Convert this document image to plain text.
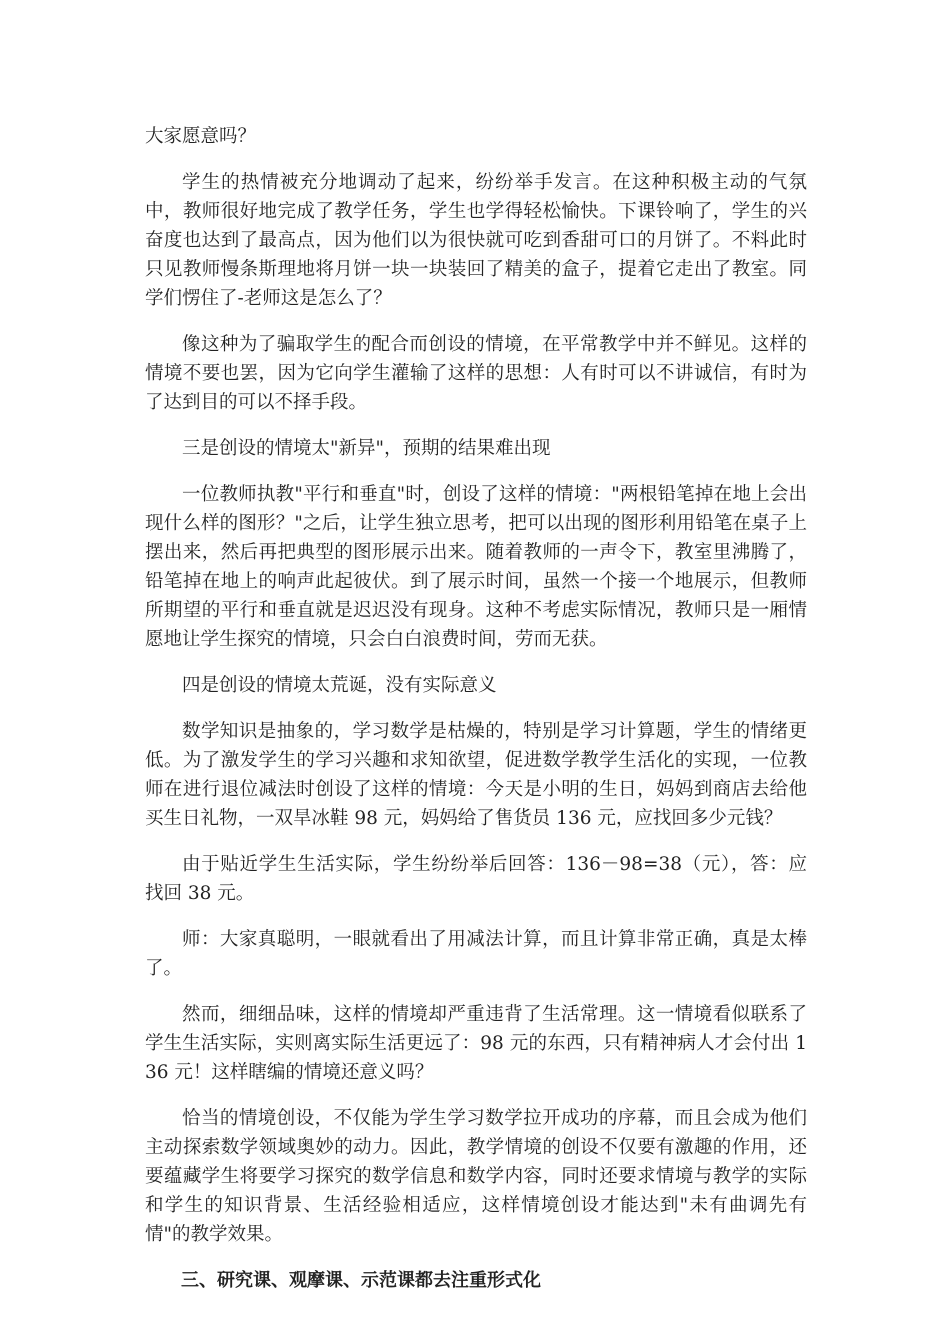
大家愿意吗？

学生的热情被充分地调动了起来，纷纷举手发言。在这种积极主动的气氛中，教师很好地完成了教学任务，学生也学得轻松愉快。下课铃响了，学生的兴奋度也达到了最高点，因为他们以为很快就可吃到香甜可口的月饼了。不料此时只见教师慢条斯理地将月饼一块一块装回了精美的盒子，提着它走出了教室。同学们愣住了-老师这是怎么了？

像这种为了骗取学生的配合而创设的情境，在平常教学中并不鲜见。这样的情境不要也罢，因为它向学生灌输了这样的思想：人有时可以不讲诚信，有时为了达到目的可以不择手段。

三是创设的情境太"新异"，预期的结果难出现

一位教师执教"平行和垂直"时，创设了这样的情境："两根铅笔掉在地上会出现什么样的图形？"之后，让学生独立思考，把可以出现的图形利用铅笔在桌子上摆出来，然后再把典型的图形展示出来。随着教师的一声令下，教室里沸腾了，铅笔掉在地上的响声此起彼伏。到了展示时间，虽然一个接一个地展示，但教师所期望的平行和垂直就是迟迟没有现身。这种不考虑实际情况，教师只是一厢情愿地让学生探究的情境，只会白白浪费时间，劳而无获。

四是创设的情境太荒诞，没有实际意义

数学知识是抽象的，学习数学是枯燥的，特别是学习计算题，学生的情绪更低。为了激发学生的学习兴趣和求知欲望，促进数学教学生活化的实现，一位教师在进行退位减法时创设了这样的情境：今天是小明的生日，妈妈到商店去给他买生日礼物，一双旱冰鞋 98 元，妈妈给了售货员 136 元，应找回多少元钱？

由于贴近学生生活实际，学生纷纷举后回答：136－98=38（元），答：应找回 38 元。

师：大家真聪明，一眼就看出了用减法计算，而且计算非常正确，真是太棒了。

然而，细细品味，这样的情境却严重违背了生活常理。这一情境看似联系了学生生活实际，实则离实际生活更远了：98 元的东西，只有精神病人才会付出 136 元！这样瞎编的情境还意义吗？

恰当的情境创设，不仅能为学生学习数学拉开成功的序幕，而且会成为他们主动探索数学领域奥妙的动力。因此，教学情境的创设不仅要有激趣的作用，还要蕴藏学生将要学习探究的数学信息和数学内容，同时还要求情境与教学的实际和学生的知识背景、生活经验相适应，这样情境创设才能达到"未有曲调先有情"的教学效果。

三、研究课、观摩课、示范课都去注重形式化
